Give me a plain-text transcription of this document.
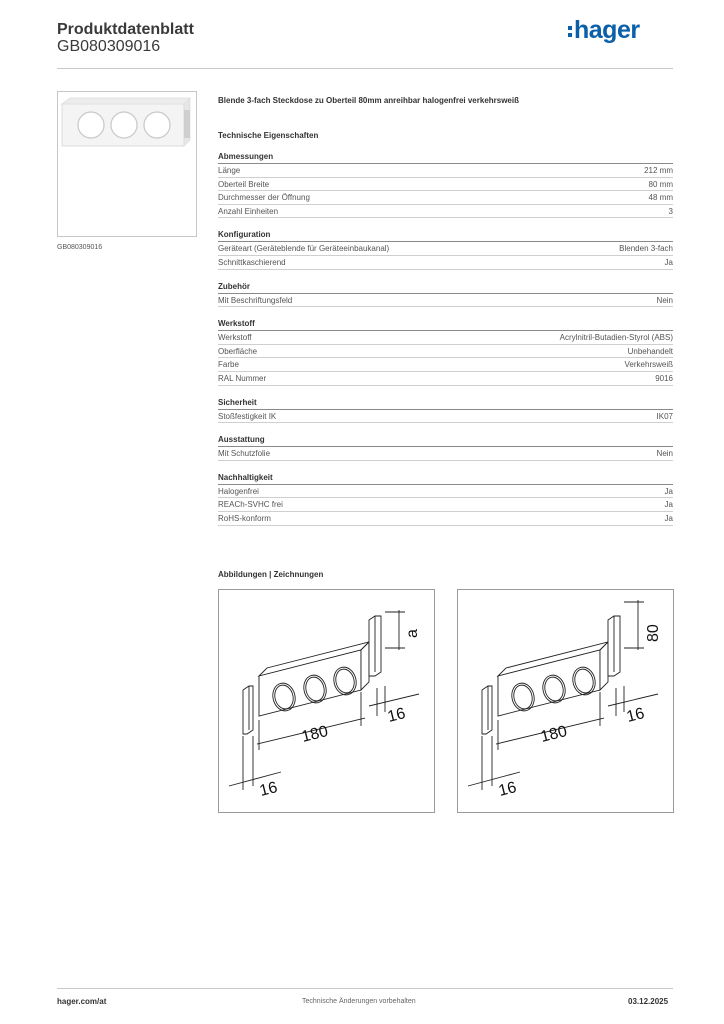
Produktdatenblatt
GB080309016
hager
GB080309016
Blende 3-fach Steckdose zu Oberteil 80mm anreihbar halogenfrei verkehrsweiß
Technische Eigenschaften
Abmessungen
Länge	212 mm
Oberteil Breite	80 mm
Durchmesser der Öffnung	48 mm
Anzahl Einheiten	3
Konfiguration
Geräteart (Geräteblende für Geräteeinbaukanal)	Blenden 3-fach
Schnittkaschierend	Ja
Zubehör
Mit Beschriftungsfeld	Nein
Werkstoff
Werkstoff	Acrylnitril-Butadien-Styrol (ABS)
Oberfläche	Unbehandelt
Farbe	Verkehrsweiß
RAL Nummer	9016
Sicherheit
Stoßfestigkeit IK	IK07
Ausstattung
Mit Schutzfolie	Nein
Nachhaltigkeit
Halogenfrei	Ja
REACh-SVHC frei	Ja
RoHS-konform	Ja
Abbildungen | Zeichnungen
180
16
16
a
180
16
16
80
hager.com/at	Technische Änderungen vorbehalten	03.12.2025
